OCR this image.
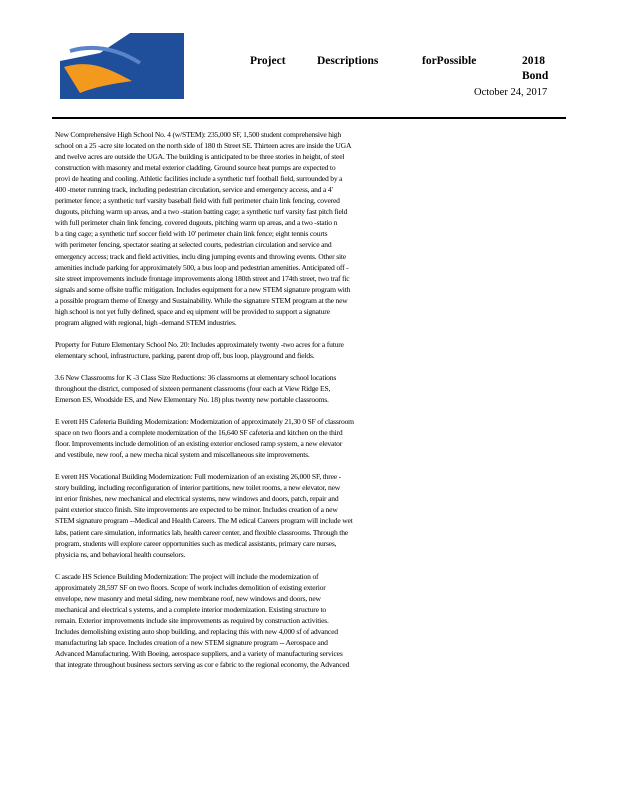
Project	Descriptions	forPossible	2018
Bond
October 24, 2017
New Comprehensive High School No. 4 (w/STEM): 235,000 SF, 1,500 student comprehensive high
school on a 25 -acre site located on the north side of 180 th Street SE. Thirteen acres are inside the UGA
and twelve acres are outside the UGA. The building is anticipated to be three stories in height, of steel
construction with masonry and metal exterior cladding. Ground source heat pumps are expected to
provi de heating and cooling. Athletic facilities include a synthetic turf football field, surrounded by a
400 -meter running track, including pedestrian circulation, service and emergency access, and a 4'
perimeter fence; a synthetic turf varsity baseball field with full perimeter chain link fencing, covered
dugouts, pitching warm up areas, and a two -station batting cage; a synthetic turf varsity fast pitch field
with full perimeter chain link fencing, covered dugouts, pitching warm up areas, and a two -statio n
b a ting cage; a synthetic turf soccer field with 10' perimeter chain link fence; eight tennis courts
with perimeter fencing, spectator seating at selected courts, pedestrian circulation and service and
emergency access; track and field activities, inclu ding jumping events and throwing events. Other site
amenities include parking for approximately 500, a bus loop and pedestrian amenities. Anticipated off -
site street improvements include frontage improvements along 180th street and 174th street, two traf fic
signals and some offsite traffic mitigation. Includes equipment for a new STEM signature program with
a possible program theme of Energy and Sustainability. While the signature STEM program at the new
high school is not yet fully defined, space and eq uipment will be provided to support a signature
program aligned with regional, high -demand STEM industries.
Property for Future Elementary School No. 20: Includes approximately twenty -two acres for a future
elementary school, infrastructure, parking, parent drop off, bus loop, playground and fields.
3.6 New Classrooms for K -3 Class Size Reductions: 36 classrooms at elementary school locations
throughout the district, composed of sixteen permanent classrooms (four each at View Ridge ES,
Emerson ES, Woodside ES, and New Elementary No. 18) plus twenty new portable classrooms.
E verett HS Cafeteria Building Modernization: Modernization of approximately 21,30 0 SF of classroom
space on two floors and a complete modernization of the 16,640 SF cafeteria and kitchen on the third
floor. Improvements include demolition of an existing exterior enclosed ramp system, a new elevator
and vestibule, new roof, a new mecha nical system and miscellaneous site improvements.
E verett HS Vocational Building Modernization: Full modernization of an existing 26,000 SF, three -
story building, including reconfiguration of interior partitions, new toilet rooms, a new elevator, new
int erior finishes, new mechanical and electrical systems, new windows and doors, patch, repair and
paint exterior stucco finish. Site improvements are expected to be minor. Includes creation of a new
STEM signature program --Medical and Health Careers. The M edical Careers program will include wet
labs, patient care simulation, informatics lab, health career center, and flexible classrooms. Through the
program, students will explore career opportunities such as medical assistants, primary care nurses,
physicia ns, and behavioral health counselors.
C ascade HS Science Building Modernization: The project will include the modernization of
approximately 28,597 SF on two floors. Scope of work includes demolition of existing exterior
envelope, new masonry and metal siding, new membrane roof, new windows and doors, new
mechanical and electrical s ystems, and a complete interior modernization. Existing structure to
remain. Exterior improvements include site improvements as required by construction activities.
Includes demolishing existing auto shop building, and replacing this with new 4,000 sf of advanced
manufacturing lab space. Includes creation of a new STEM signature program -- Aerospace and
Advanced Manufacturing. With Boeing, aerospace suppliers, and a variety of manufacturing services
that integrate throughout business sectors serving as cor e fabric to the regional economy, the Advanced
